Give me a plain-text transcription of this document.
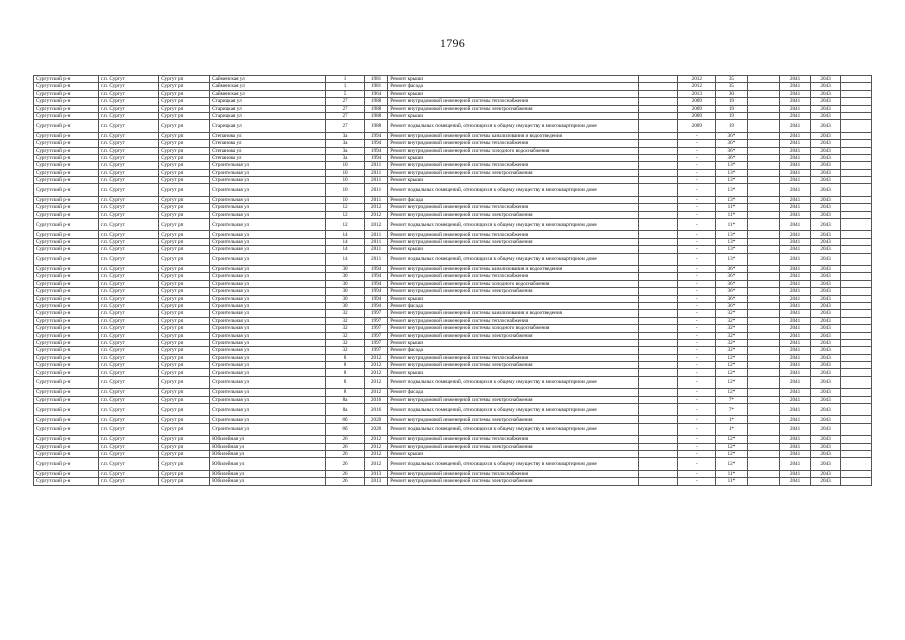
1796
Сургутский р-н	г.п. Сургут	Сургут рп	Сайменская ул	1	1981	Ремонт крыши		2012	35		2041	2043	
Сургутский р-н	г.п. Сургут	Сургут рп	Сайменская ул	1	1981	Ремонт фасада		2012	35		2041	2043	
Сургутский р-н	г.п. Сургут	Сургут рп	Сайменская ул	5	1964	Ремонт крыши		2013	30		2041	2043	
Сургутский р-н	г.п. Сургут	Сургут рп	Старицкая ул	27	1988	Ремонт внутридомовой инженерной системы теплоснабжения		2009	19		2041	2043	
Сургутский р-н	г.п. Сургут	Сургут рп	Старицкая ул	27	1988	Ремонт внутридомовой инженерной системы электроснабжения		2009	19		2041	2043	
Сургутский р-н	г.п. Сургут	Сургут рп	Старицкая ул	27	1988	Ремонт крыши		2009	19		2041	2043	
Сургутский р-н	г.п. Сургут	Сургут рп	Старицкая ул	27	1988	Ремонт подвальных помещений, относящихся к общему имуществу в многоквартирном доме		2009	19		2041	2043	
Сургутский р-н	г.п. Сургут	Сургут рп	Степанова ул	3а	1994	Ремонт внутридомовой инженерной системы канализования и водоотведения		-	36*		2041	2043	
Сургутский р-н	г.п. Сургут	Сургут рп	Степанова ул	3а	1994	Ремонт внутридомовой инженерной системы теплоснабжения		-	36*		2041	2043	
Сургутский р-н	г.п. Сургут	Сургут рп	Степанова ул	3а	1994	Ремонт внутридомовой инженерной системы холодного водоснабжения		-	36*		2041	2043	
Сургутский р-н	г.п. Сургут	Сургут рп	Степанова ул	3а	1994	Ремонт крыши		-	36*		2041	2043	
Сургутский р-н	г.п. Сургут	Сургут рп	Строительная ул	10	2011	Ремонт внутридомовой инженерной системы теплоснабжения		-	13*		2041	2043	
Сургутский р-н	г.п. Сургут	Сургут рп	Строительная ул	10	2011	Ремонт внутридомовой инженерной системы электроснабжения		-	13*		2041	2043	
Сургутский р-н	г.п. Сургут	Сургут рп	Строительная ул	10	2011	Ремонт крыши		-	13*		2041	2043	
Сургутский р-н	г.п. Сургут	Сургут рп	Строительная ул	10	2011	Ремонт подвальных помещений, относящихся к общему имуществу в многоквартирном доме		-	13*		2041	2043	
Сургутский р-н	г.п. Сургут	Сургут рп	Строительная ул	10	2011	Ремонт фасада		-	13*		2041	2043	
Сургутский р-н	г.п. Сургут	Сургут рп	Строительная ул	12	2012	Ремонт внутридомовой инженерной системы теплоснабжения		-	11*		2041	2043	
Сургутский р-н	г.п. Сургут	Сургут рп	Строительная ул	12	2012	Ремонт внутридомовой инженерной системы электроснабжения		-	11*		2041	2043	
Сургутский р-н	г.п. Сургут	Сургут рп	Строительная ул	12	2012	Ремонт подвальных помещений, относящихся к общему имуществу в многоквартирном доме		-	11*		2041	2043	
Сургутский р-н	г.п. Сургут	Сургут рп	Строительная ул	14	2011	Ремонт внутридомовой инженерной системы теплоснабжения		-	13*		2041	2043	
Сургутский р-н	г.п. Сургут	Сургут рп	Строительная ул	14	2011	Ремонт внутридомовой инженерной системы электроснабжения		-	13*		2041	2043	
Сургутский р-н	г.п. Сургут	Сургут рп	Строительная ул	14	2011	Ремонт крыши		-	13*		2041	2043	
Сургутский р-н	г.п. Сургут	Сургут рп	Строительная ул	14	2011	Ремонт подвальных помещений, относящихся к общему имуществу в многоквартирном доме		-	13*		2041	2043	
Сургутский р-н	г.п. Сургут	Сургут рп	Строительная ул	30	1994	Ремонт внутридомовой инженерной системы канализования и водоотведения		-	36*		2041	2043	
Сургутский р-н	г.п. Сургут	Сургут рп	Строительная ул	30	1994	Ремонт внутридомовой инженерной системы теплоснабжения		-	36*		2041	2043	
Сургутский р-н	г.п. Сургут	Сургут рп	Строительная ул	30	1994	Ремонт внутридомовой инженерной системы холодного водоснабжения		-	36*		2041	2043	
Сургутский р-н	г.п. Сургут	Сургут рп	Строительная ул	30	1994	Ремонт внутридомовой инженерной системы электроснабжения		-	36*		2041	2043	
Сургутский р-н	г.п. Сургут	Сургут рп	Строительная ул	30	1994	Ремонт крыши		-	36*		2041	2043	
Сургутский р-н	г.п. Сургут	Сургут рп	Строительная ул	30	1994	Ремонт фасада		-	36*		2041	2043	
Сургутский р-н	г.п. Сургут	Сургут рп	Строительная ул	32	1997	Ремонт внутридомовой инженерной системы канализования и водоотведения		-	32*		2041	2043	
Сургутский р-н	г.п. Сургут	Сургут рп	Строительная ул	32	1997	Ремонт внутридомовой инженерной системы теплоснабжения		-	32*		2041	2043	
Сургутский р-н	г.п. Сургут	Сургут рп	Строительная ул	32	1997	Ремонт внутридомовой инженерной системы холодного водоснабжения		-	32*		2041	2043	
Сургутский р-н	г.п. Сургут	Сургут рп	Строительная ул	32	1997	Ремонт внутридомовой инженерной системы электроснабжения		-	32*		2041	2043	
Сургутский р-н	г.п. Сургут	Сургут рп	Строительная ул	32	1997	Ремонт крыши		-	32*		2041	2043	
Сургутский р-н	г.п. Сургут	Сургут рп	Строительная ул	32	1997	Ремонт фасада		-	32*		2041	2043	
Сургутский р-н	г.п. Сургут	Сургут рп	Строительная ул	8	2012	Ремонт внутридомовой инженерной системы теплоснабжения		-	12*		2041	2043	
Сургутский р-н	г.п. Сургут	Сургут рп	Строительная ул	8	2012	Ремонт внутридомовой инженерной системы электроснабжения		-	12*		2041	2043	
Сургутский р-н	г.п. Сургут	Сургут рп	Строительная ул	8	2012	Ремонт крыши		-	12*		2041	2043	
Сургутский р-н	г.п. Сургут	Сургут рп	Строительная ул	8	2012	Ремонт подвальных помещений, относящихся к общему имуществу в многоквартирном доме		-	12*		2041	2043	
Сургутский р-н	г.п. Сургут	Сургут рп	Строительная ул	8	2012	Ремонт фасада		-	12*		2041	2043	
Сургутский р-н	г.п. Сургут	Сургут рп	Строительная ул	8а	2016	Ремонт внутридомовой инженерной системы электроснабжения		-	7*		2041	2043	
Сургутский р-н	г.п. Сургут	Сургут рп	Строительная ул	8а	2016	Ремонт подвальных помещений, относящихся к общему имуществу в многоквартирном доме		-	7*		2041	2043	
Сургутский р-н	г.п. Сургут	Сургут рп	Строительная ул	8б	2020	Ремонт внутридомовой инженерной системы электроснабжения		-	1*		2041	2043	
Сургутский р-н	г.п. Сургут	Сургут рп	Строительная ул	8б	2020	Ремонт подвальных помещений, относящихся к общему имуществу в многоквартирном доме		-	1*		2041	2043	
Сургутский р-н	г.п. Сургут	Сургут рп	Юбилейная ул	26	2012	Ремонт внутридомовой инженерной системы теплоснабжения		-	12*		2041	2043	
Сургутский р-н	г.п. Сургут	Сургут рп	Юбилейная ул	26	2012	Ремонт внутридомовой инженерной системы электроснабжения		-	12*		2041	2043	
Сургутский р-н	г.п. Сургут	Сургут рп	Юбилейная ул	26	2012	Ремонт крыши		-	12*		2041	2043	
Сургутский р-н	г.п. Сургут	Сургут рп	Юбилейная ул	26	2012	Ремонт подвальных помещений, относящихся к общему имуществу в многоквартирном доме		-	12*		2041	2043	
Сургутский р-н	г.п. Сургут	Сургут рп	Юбилейная ул	26	2013	Ремонт внутридомовой инженерной системы теплоснабжения		-	11*		2041	2043	
Сургутский р-н	г.п. Сургут	Сургут рп	Юбилейная ул	26	2013	Ремонт внутридомовой инженерной системы электроснабжения		-	11*		2041	2043	
